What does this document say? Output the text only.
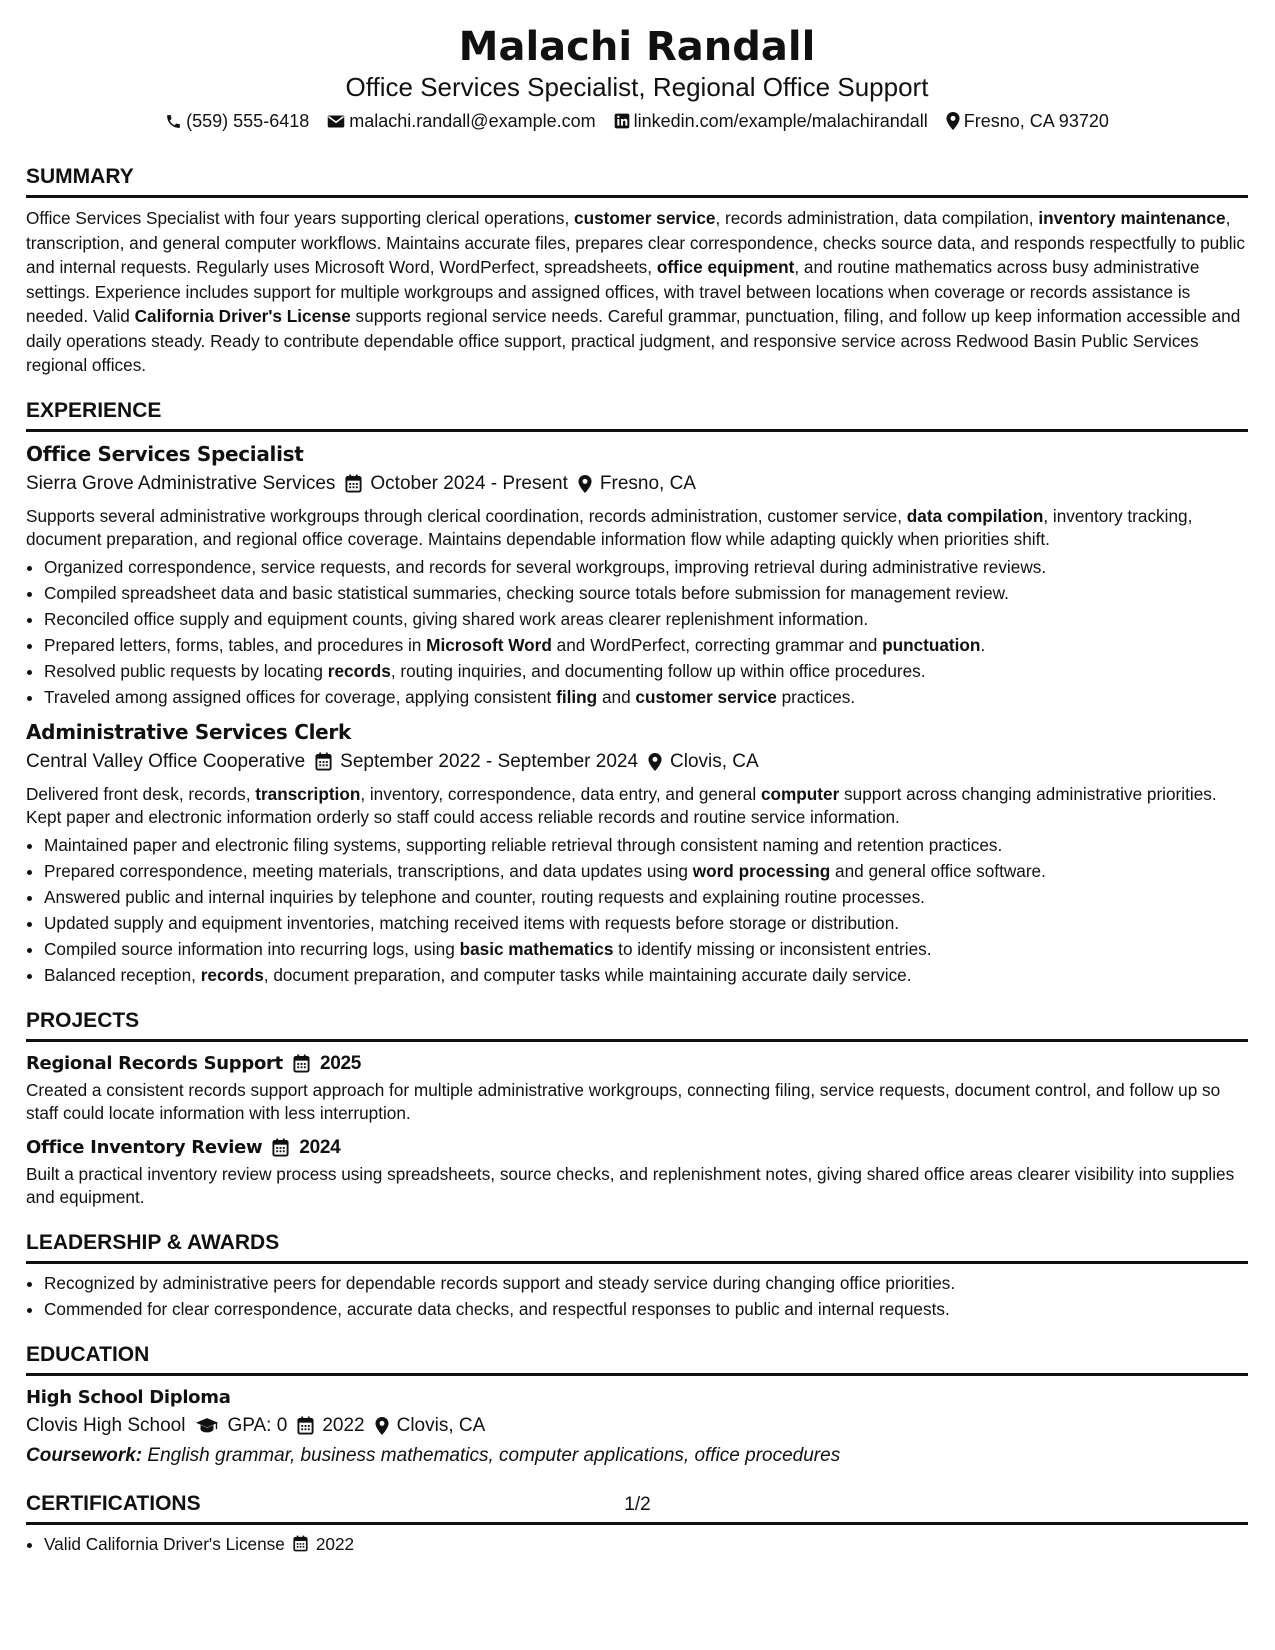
Malachi Randall
Office Services Specialist, Regional Office Support
(559) 555-6418 malachi.randall@example.com linkedin.com/example/malachirandall Fresno, CA 93720
SUMMARY

Office Services Specialist with four years supporting clerical operations, customer service, records administration, data compilation, inventory maintenance, transcription, and general computer workflows. Maintains accurate files, prepares clear correspondence, checks source data, and responds respectfully to public and internal requests. Regularly uses Microsoft Word, WordPerfect, spreadsheets, office equipment, and routine mathematics across busy administrative settings. Experience includes support for multiple workgroups and assigned offices, with travel between locations when coverage or records assistance is needed. Valid California Driver's License supports regional service needs. Careful grammar, punctuation, filing, and follow up keep information accessible and daily operations steady. Ready to contribute dependable office support, practical judgment, and responsive service across Redwood Basin Public Services regional offices.

EXPERIENCE
Office Services Specialist
Sierra Grove Administrative Services October 2024 - Present Fresno, CA
Supports several administrative workgroups through clerical coordination, records administration, customer service, data compilation, inventory tracking, document preparation, and regional office coverage. Maintains dependable information flow while adapting quickly when priorities shift.
• Organized correspondence, service requests, and records for several workgroups, improving retrieval during administrative reviews.
• Compiled spreadsheet data and basic statistical summaries, checking source totals before submission for management review.
• Reconciled office supply and equipment counts, giving shared work areas clearer replenishment information.
• Prepared letters, forms, tables, and procedures in Microsoft Word and WordPerfect, correcting grammar and punctuation.
• Resolved public requests by locating records, routing inquiries, and documenting follow up within office procedures.
• Traveled among assigned offices for coverage, applying consistent filing and customer service practices.
Administrative Services Clerk
Central Valley Office Cooperative September 2022 - September 2024 Clovis, CA
Delivered front desk, records, transcription, inventory, correspondence, data entry, and general computer support across changing administrative priorities. Kept paper and electronic information orderly so staff could access reliable records and routine service information.
• Maintained paper and electronic filing systems, supporting reliable retrieval through consistent naming and retention practices.
• Prepared correspondence, meeting materials, transcriptions, and data updates using word processing and general office software.
• Answered public and internal inquiries by telephone and counter, routing requests and explaining routine processes.
• Updated supply and equipment inventories, matching received items with requests before storage or distribution.
• Compiled source information into recurring logs, using basic mathematics to identify missing or inconsistent entries.
• Balanced reception, records, document preparation, and computer tasks while maintaining accurate daily service.
PROJECTS
Regional Records Support 2025
Created a consistent records support approach for multiple administrative workgroups, connecting filing, service requests, document control, and follow up so staff could locate information with less interruption.
Office Inventory Review 2024
Built a practical inventory review process using spreadsheets, source checks, and replenishment notes, giving shared office areas clearer visibility into supplies and equipment.
LEADERSHIP & AWARDS
• Recognized by administrative peers for dependable records support and steady service during changing office priorities.
• Commended for clear correspondence, accurate data checks, and respectful responses to public and internal requests.
EDUCATION
High School Diploma
Clovis High School GPA: 0 2022 Clovis, CA
Coursework: English grammar, business mathematics, computer applications, office procedures
CERTIFICATIONS
• Valid California Driver's License 2022
1/2
